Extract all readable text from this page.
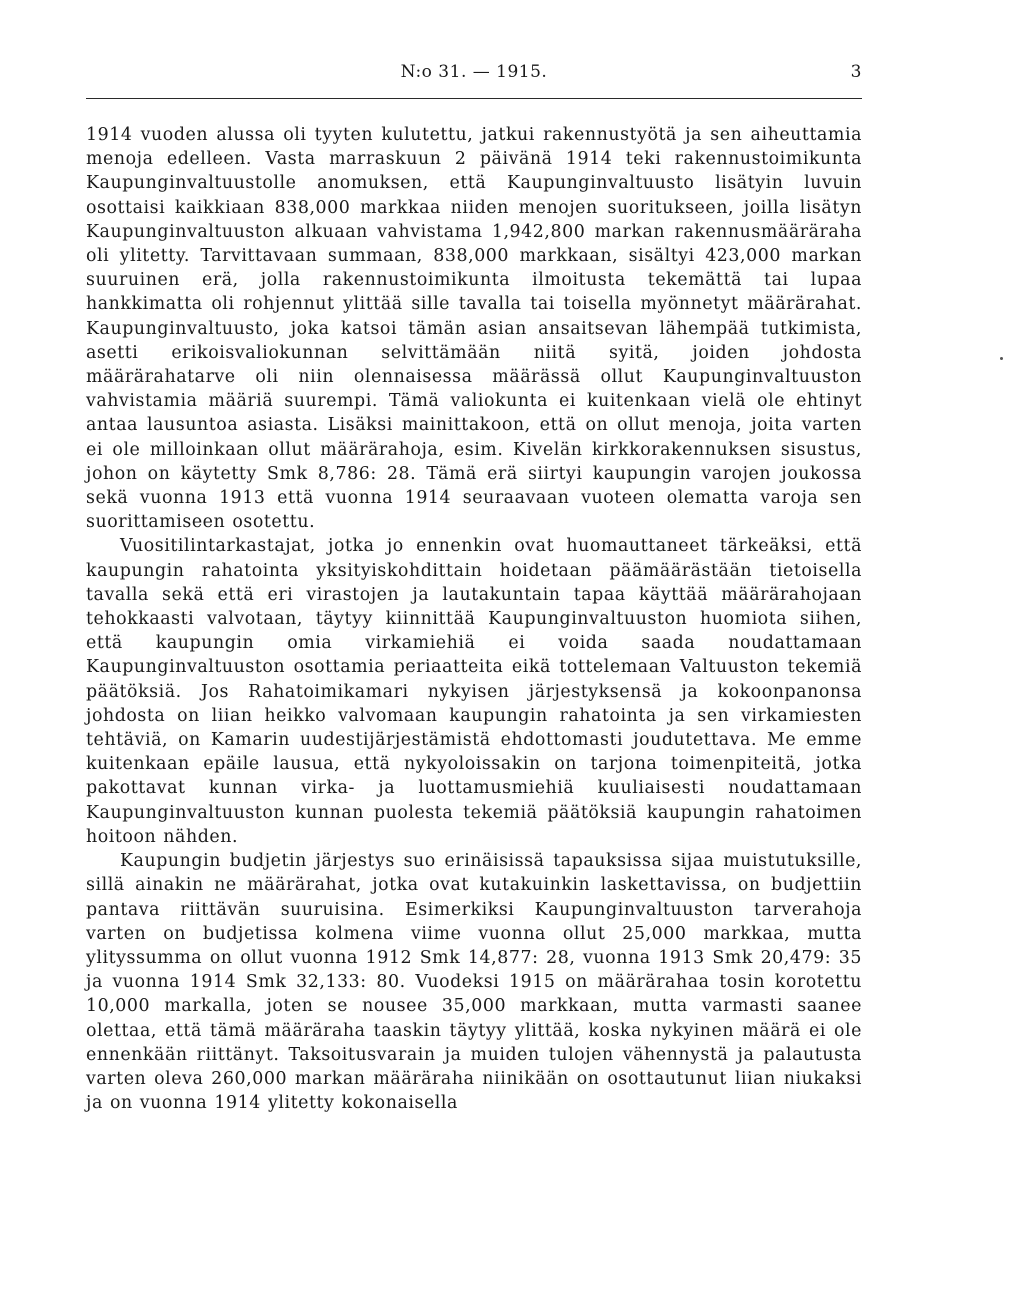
N:o 31. — 1915.	3

1914 vuoden alussa oli tyyten kulutettu, jatkui rakennustyötä ja sen aiheuttamia menoja edelleen. Vasta marraskuun 2 päivänä 1914 teki rakennustoimikunta Kaupunginvaltuustolle anomuksen, että Kaupunginvaltuusto lisätyin luvuin osottaisi kaikkiaan 838,000 markkaa niiden menojen suoritukseen, joilla lisätyn Kaupunginvaltuuston alkuaan vahvistama 1,942,800 markan rakennusmääräraha oli ylitetty. Tarvittavaan summaan, 838,000 markkaan, sisältyi 423,000 markan suuruinen erä, jolla rakennustoimikunta ilmoitusta tekemättä tai lupaa hankkimatta oli rohjennut ylittää sille tavalla tai toisella myönnetyt määrärahat. Kaupunginvaltuusto, joka katsoi tämän asian ansaitsevan lähempää tutkimista, asetti erikoisvaliokunnan selvittämään niitä syitä, joiden johdosta määrärahatarve oli niin olennaisessa määrässä ollut Kaupunginvaltuuston vahvistamia määriä suurempi. Tämä valiokunta ei kuitenkaan vielä ole ehtinyt antaa lausuntoa asiasta. Lisäksi mainittakoon, että on ollut menoja, joita varten ei ole milloinkaan ollut määrärahoja, esim. Kivelän kirkkorakennuksen sisustus, johon on käytetty Smk 8,786: 28. Tämä erä siirtyi kaupungin varojen joukossa sekä vuonna 1913 että vuonna 1914 seuraavaan vuoteen olematta varoja sen suorittamiseen osotettu.

Vuositilintarkastajat, jotka jo ennenkin ovat huomauttaneet tärkeäksi, että kaupungin rahatointa yksityiskohdittain hoidetaan päämäärästään tietoisella tavalla sekä että eri virastojen ja lautakuntain tapaa käyttää määrärahojaan tehokkaasti valvotaan, täytyy kiinnittää Kaupunginvaltuuston huomiota siihen, että kaupungin omia virkamiehiä ei voida saada noudattamaan Kaupunginvaltuuston osottamia periaatteita eikä tottelemaan Valtuuston tekemiä päätöksiä. Jos Rahatoimikamari nykyisen järjestyksensä ja kokoonpanonsa johdosta on liian heikko valvomaan kaupungin rahatointa ja sen virkamiesten tehtäviä, on Kamarin uudestijärjestämistä ehdottomasti joudutettava. Me emme kuitenkaan epäile lausua, että nykyoloissakin on tarjona toimenpiteitä, jotka pakottavat kunnan virka- ja luottamusmiehiä kuuliaisesti noudattamaan Kaupunginvaltuuston kunnan puolesta tekemiä päätöksiä kaupungin rahatoimen hoitoon nähden.

Kaupungin budjetin järjestys suo erinäisissä tapauksissa sijaa muistutuksille, sillä ainakin ne määrärahat, jotka ovat kutakuinkin laskettavissa, on budjettiin pantava riittävän suuruisina. Esimerkiksi Kaupunginvaltuuston tarverahoja varten on budjetissa kolmena viime vuonna ollut 25,000 markkaa, mutta ylityssumma on ollut vuonna 1912 Smk 14,877: 28, vuonna 1913 Smk 20,479: 35 ja vuonna 1914 Smk 32,133: 80. Vuodeksi 1915 on määrärahaa tosin korotettu 10,000 markalla, joten se nousee 35,000 markkaan, mutta varmasti saanee olettaa, että tämä määräraha taaskin täytyy ylittää, koska nykyinen määrä ei ole ennenkään riittänyt. Taksoitusvarain ja muiden tulojen vähennystä ja palautusta varten oleva 260,000 markan määräraha niinikään on osottautunut liian niukaksi ja on vuonna 1914 ylitetty kokonaisella
